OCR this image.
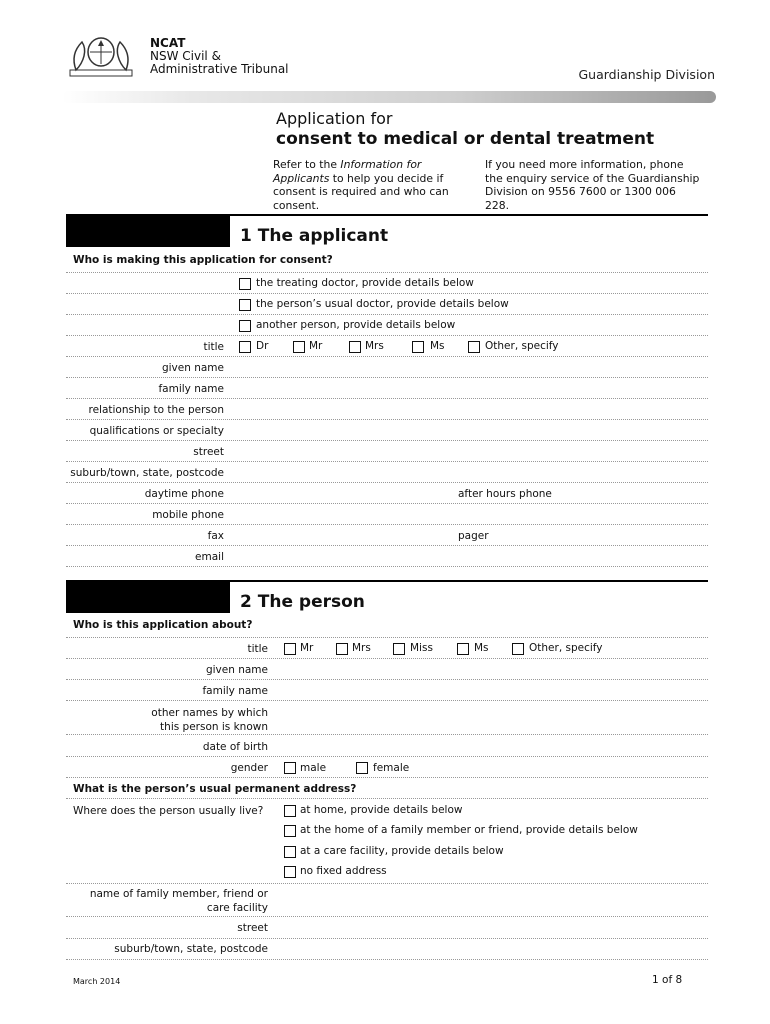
NCAT
NSW Civil &
Administrative Tribunal	Guardianship Division
Application for
consent to medical or dental treatment
Refer to the Information for Applicants to help you decide if consent is required and who can consent.
If you need more information, phone the enquiry service of the Guardianship Division on 9556 7600 or 1300 006 228.
1 The applicant
Who is making this application for consent?
the treating doctor, provide details below
the person’s usual doctor, provide details below
another person, provide details below
title	Dr	Mr	Mrs	Ms	Other, specify
given name
family name
relationship to the person
qualifications or specialty
street
suburb/town, state, postcode
daytime phone	after hours phone
mobile phone
fax	pager
email
2 The person
Who is this application about?
title	Mr	Mrs	Miss	Ms	Other, specify
given name
family name
other names by which
this person is known
date of birth
gender	male	female
What is the person’s usual permanent address?
Where does the person usually live?	at home, provide details below
at the home of a family member or friend, provide details below
at a care facility, provide details below
no fixed address
name of family member, friend or
care facility
street
suburb/town, state, postcode
March 2014	1 of 8
